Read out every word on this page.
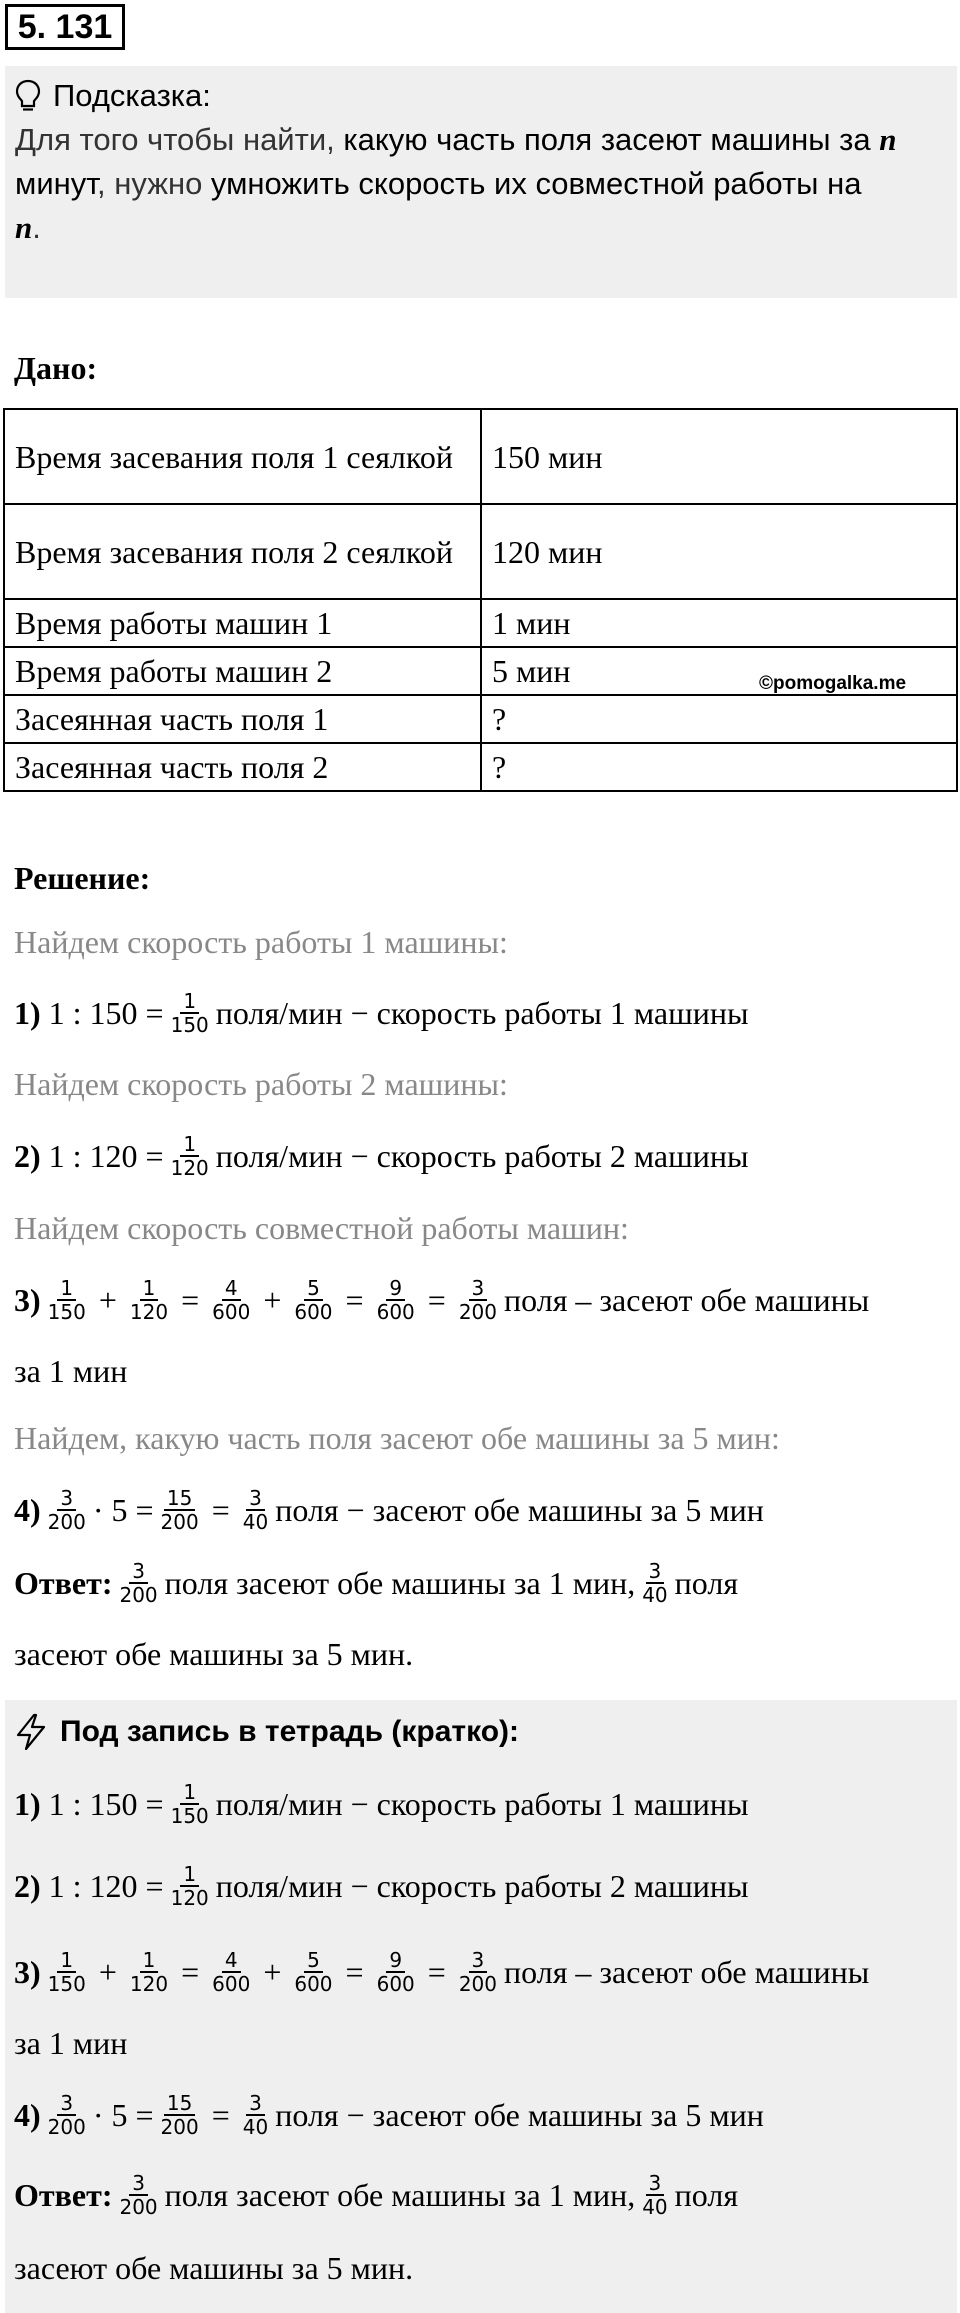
5. 131
Подсказка:
Для того чтобы найти, какую часть поля засеют машины за n
минут, нужно умножить скорость их совместной работы на
n.
Дано:
Время засевания поля 1 сеялкой	150 мин
Время засевания поля 2 сеялкой	120 мин
Время работы машин 1	1 мин
Время работы машин 2	5 мин
Засеянная часть поля 1	?
Засеянная часть поля 2	?
©pomogalka.me
Решение:
Найдем скорость работы 1 машины:
1)
1 : $150 = \frac{1}{150}$ поля/мин − скорость работы 1 машины
Найдем скорость работы 2 машины:
2)
1 : $120 = \frac{1}{120}$ поля/мин − скорость работы 2 машины
Найдем скорость совместной работы машин:
$3) \frac{1}{150} + \frac{1}{120} = \frac{4}{600} + \frac{5}{600} = \frac{9}{600} = \frac{3}{200}$ поля – засеют обе машины
за 1 мин
Найдем, какую часть поля засеют обе машины за 5 мин:
$4) \frac{3}{200} \cdot 5 = \frac{15}{200} = \frac{3}{40}$ поля − засеют обе машины за 5 мин
Ответ: $\frac{3}{200}$ поля засеют обе машины за 1 мин, $\frac{3}{40}$ поля
засеют обе машины за 5 мин.
Под запись в тетрадь (кратко):
1)
1 : $150 = \frac{1}{150}$ поля/мин − скорость работы 1 машины
2)
1 : $120 = \frac{1}{120}$ поля/мин − скорость работы 2 машины
$3) \frac{1}{150} + \frac{1}{120} = \frac{4}{600} + \frac{5}{600} = \frac{9}{600} = \frac{3}{200}$ поля – засеют обе машины
за 1 мин
$4) \frac{3}{200} \cdot 5 = \frac{15}{200} = \frac{3}{40}$ поля − засеют обе машины за 5 мин
Ответ: $\frac{3}{200}$ поля засеют обе машины за 1 мин, $\frac{3}{40}$ поля
засеют обе машины за 5 мин.
